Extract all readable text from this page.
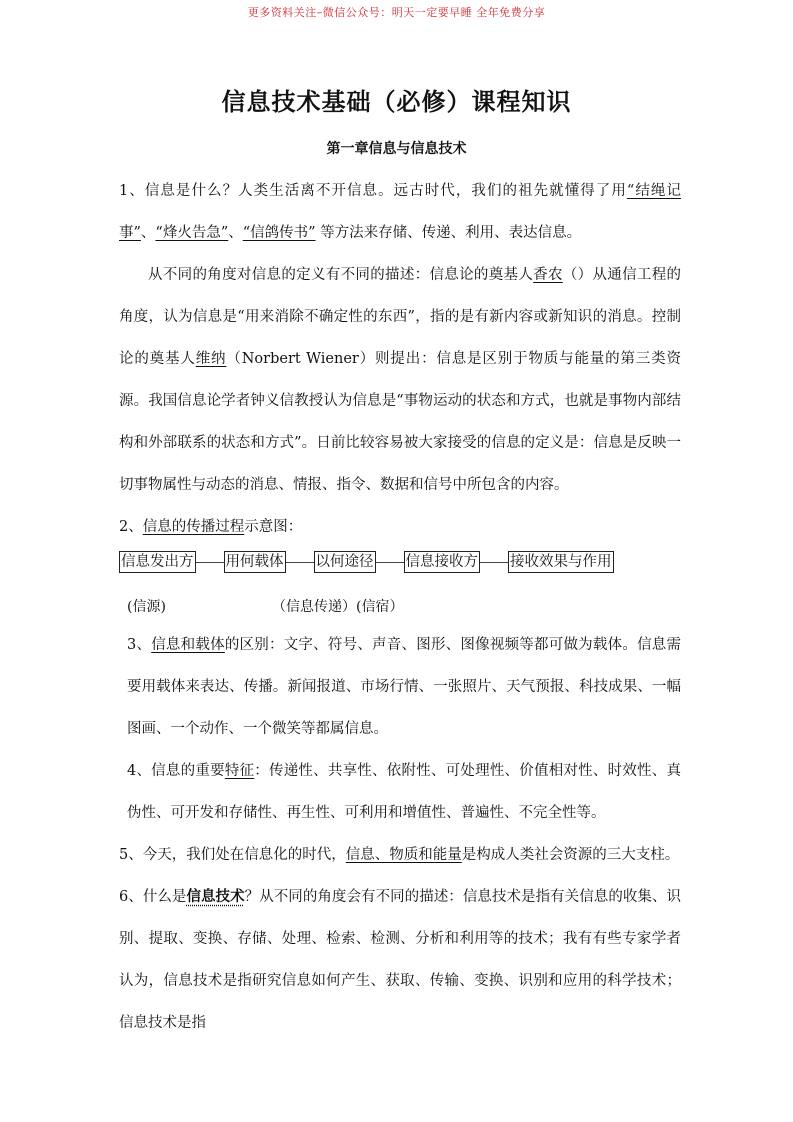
更多资料关注–微信公众号：明天一定要早睡 全年免费分享
信息技术基础（必修）课程知识
第一章信息与信息技术

1、信息是什么？人类生活离不开信息。远古时代，我们的祖先就懂得了用“结绳记事”、“烽火告急”、“信鸽传书” 等方法来存储、传递、利用、表达信息。

从不同的角度对信息的定义有不同的描述：信息论的奠基人香农（）从通信工程的角度，认为信息是“用来消除不确定性的东西”，指的是有新内容或新知识的消息。控制论的奠基人维纳（Norbert Wiener）则提出：信息是区别于物质与能量的第三类资源。我国信息论学者钟义信教授认为信息是“事物运动的状态和方式，也就是事物内部结构和外部联系的状态和方式”。日前比较容易被大家接受的信息的定义是：信息是反映一切事物属性与动态的消息、情报、指令、数据和信号中所包含的内容。

2、信息的传播过程示意图：

信息发出方 用何载体 以何途径 信息接收方 接收效果与作用
(信源)	（信息传递）(信宿）

3、信息和载体的区别：文字、符号、声音、图形、图像视频等都可做为载体。信息需要用载体来表达、传播。新闻报道、市场行情、一张照片、天气预报、科技成果、一幅图画、一个动作、一个微笑等都属信息。

4、信息的重要特征：传递性、共享性、依附性、可处理性、价值相对性、时效性、真伪性、可开发和存储性、再生性、可利用和增值性、普遍性、不完全性等。

5、今天，我们处在信息化的时代，信息、物质和能量是构成人类社会资源的三大支柱。

6、什么是信息技术？从不同的角度会有不同的描述：信息技术是指有关信息的收集、识别、提取、变换、存储、处理、检索、检测、分析和利用等的技术；我有有些专家学者认为，信息技术是指研究信息如何产生、获取、传输、变换、识别和应用的科学技术；信息技术是指
